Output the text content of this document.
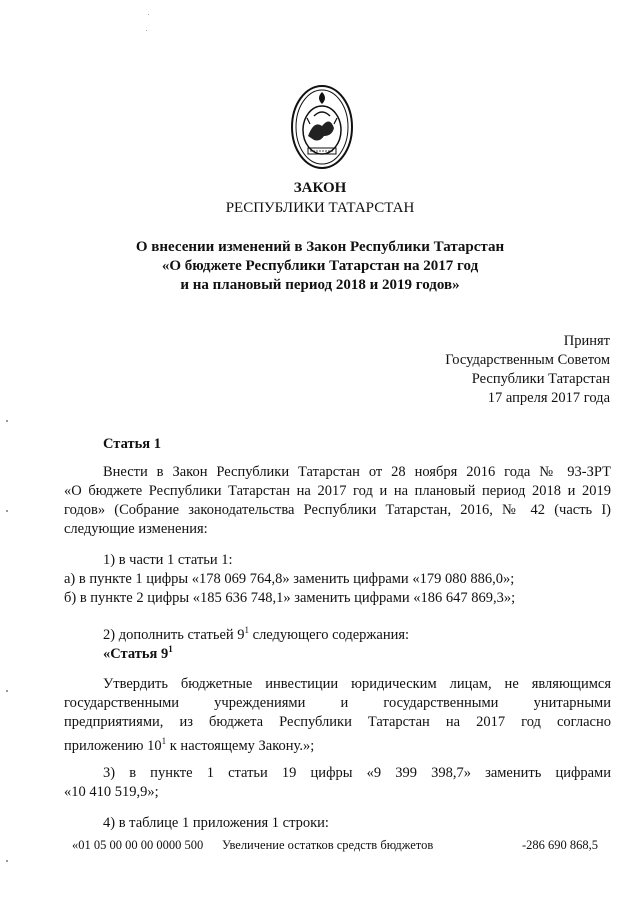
ЗАКОН
РЕСПУБЛИКИ ТАТАРСТАН
О внесении изменений в Закон Республики Татарстан
«О бюджете Республики Татарстан на 2017 год
и на плановый период 2018 и 2019 годов»
Принят
Государственным Советом
Республики Татарстан
17 апреля 2017 года
Статья 1
Внести в Закон Республики Татарстан от 28 ноября 2016 года № 93-ЗРТ
«О бюджете Республики Татарстан на 2017 год и на плановый период 2018 и 2019
годов» (Собрание законодательства Республики Татарстан, 2016, № 42 (часть I)
следующие изменения:
1) в части 1 статьи 1:
а) в пункте 1 цифры «178 069 764,8» заменить цифрами «179 080 886,0»;
б) в пункте 2 цифры «185 636 748,1» заменить цифрами «186 647 869,3»;
2) дополнить статьей $9^1$ следующего содержания:
«Статья $9^1$
Утвердить бюджетные инвестиции юридическим лицам, не являющимся
государственными учреждениями и государственными унитарными
предприятиями, из бюджета Республики Татарстан на 2017 год согласно
приложению $10^1$ к настоящему Закону.»;
3) в пункте 1 статьи 19 цифры «9 399 398,7» заменить цифрами
«10 410 519,9»;
4) в таблице 1 приложения 1 строки:
«01 05 00 00 00 0000 500 Увеличение остатков средств бюджетов	-286 690 868,5
